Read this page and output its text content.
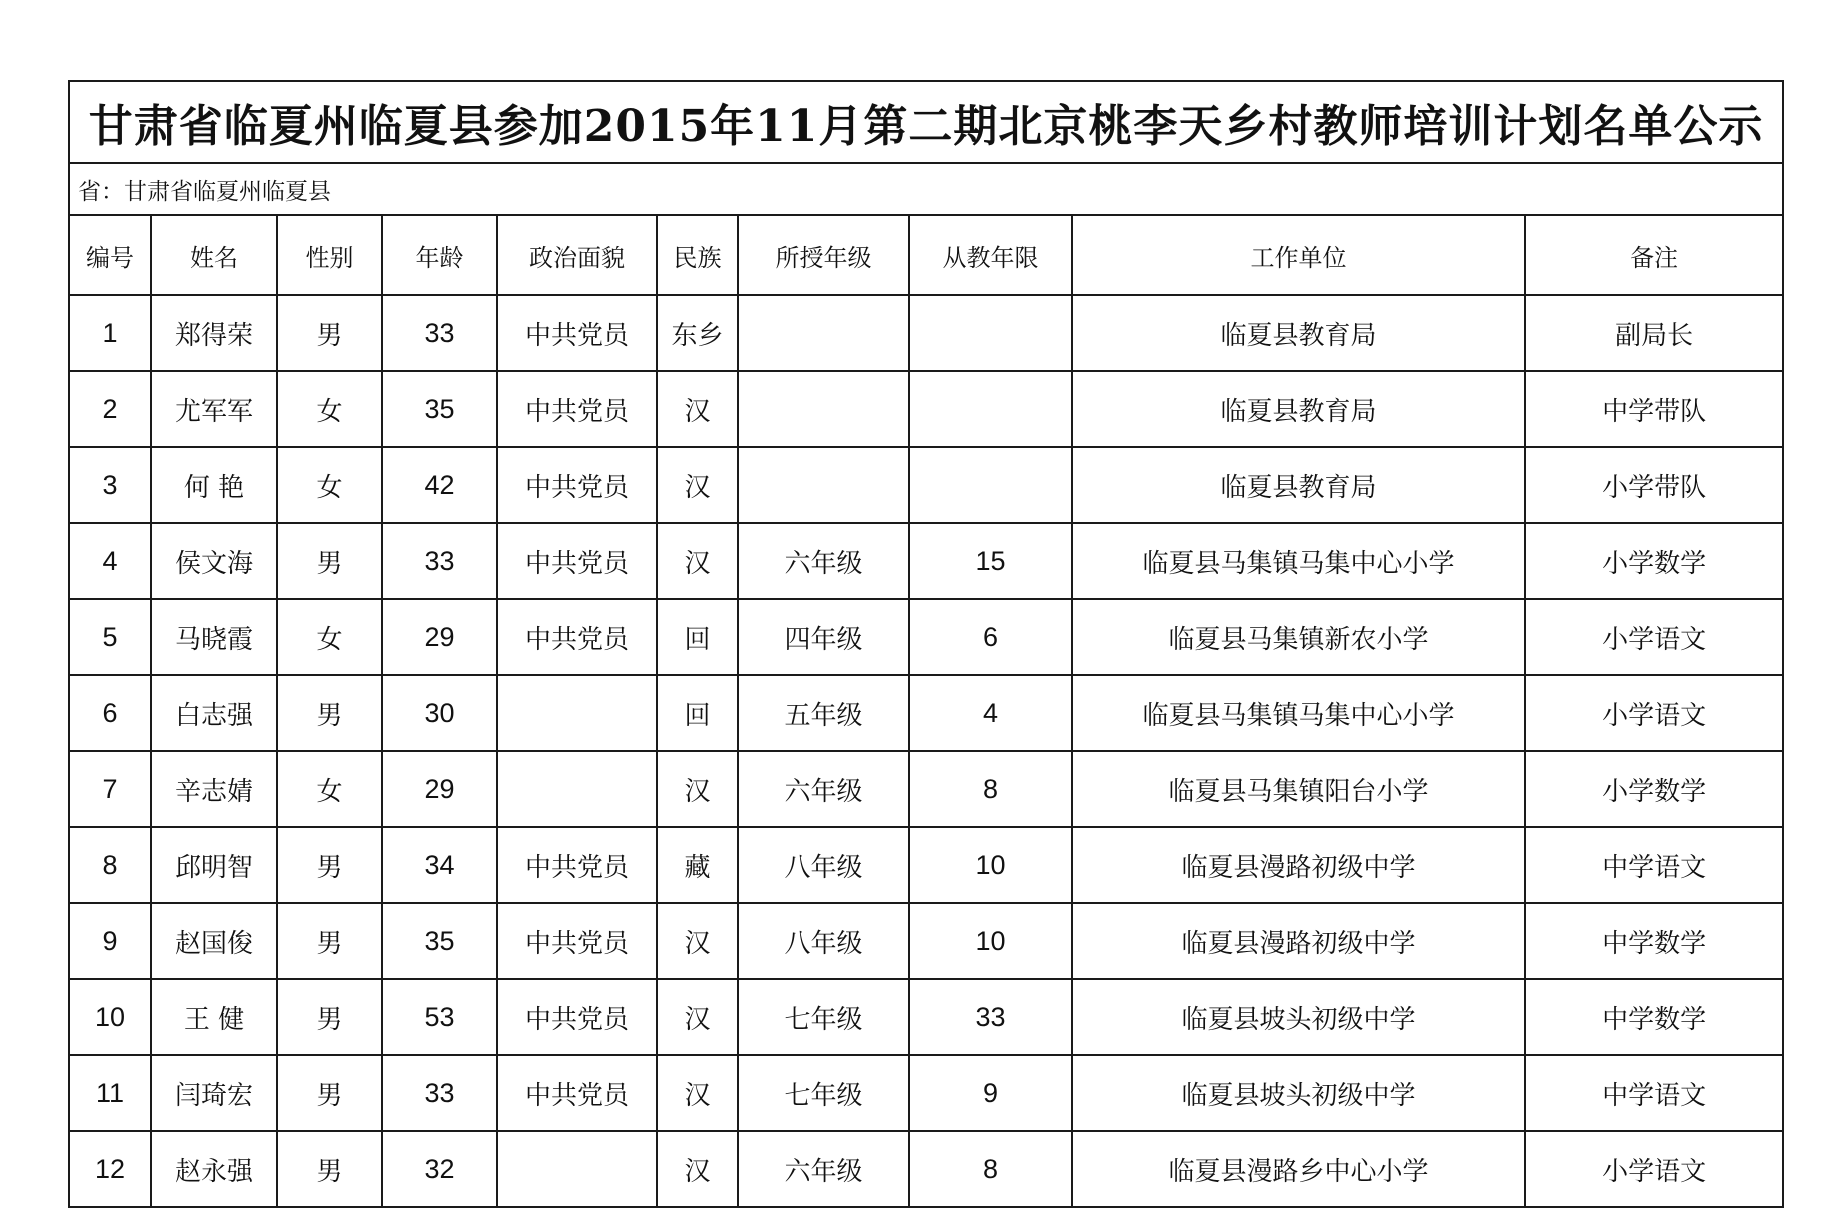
甘肃省临夏州临夏县参加2015年11月第二期北京桃李天乡村教师培训计划名单公示									
省：甘肃省临夏州临夏县									
编号	姓名	性别	年龄	政治面貌	民族	所授年级	从教年限	工作单位	备注
1	郑得荣	男	33	中共党员	东乡			临夏县教育局	副局长
2	尤军军	女	35	中共党员	汉			临夏县教育局	中学带队
3	何 艳	女	42	中共党员	汉			临夏县教育局	小学带队
4	侯文海	男	33	中共党员	汉	六年级	15	临夏县马集镇马集中心小学	小学数学
5	马晓霞	女	29	中共党员	回	四年级	6	临夏县马集镇新农小学	小学语文
6	白志强	男	30		回	五年级	4	临夏县马集镇马集中心小学	小学语文
7	辛志婧	女	29		汉	六年级	8	临夏县马集镇阳台小学	小学数学
8	邱明智	男	34	中共党员	藏	八年级	10	临夏县漫路初级中学	中学语文
9	赵国俊	男	35	中共党员	汉	八年级	10	临夏县漫路初级中学	中学数学
10	王 健	男	53	中共党员	汉	七年级	33	临夏县坡头初级中学	中学数学
11	闫琦宏	男	33	中共党员	汉	七年级	9	临夏县坡头初级中学	中学语文
12	赵永强	男	32		汉	六年级	8	临夏县漫路乡中心小学	小学语文
